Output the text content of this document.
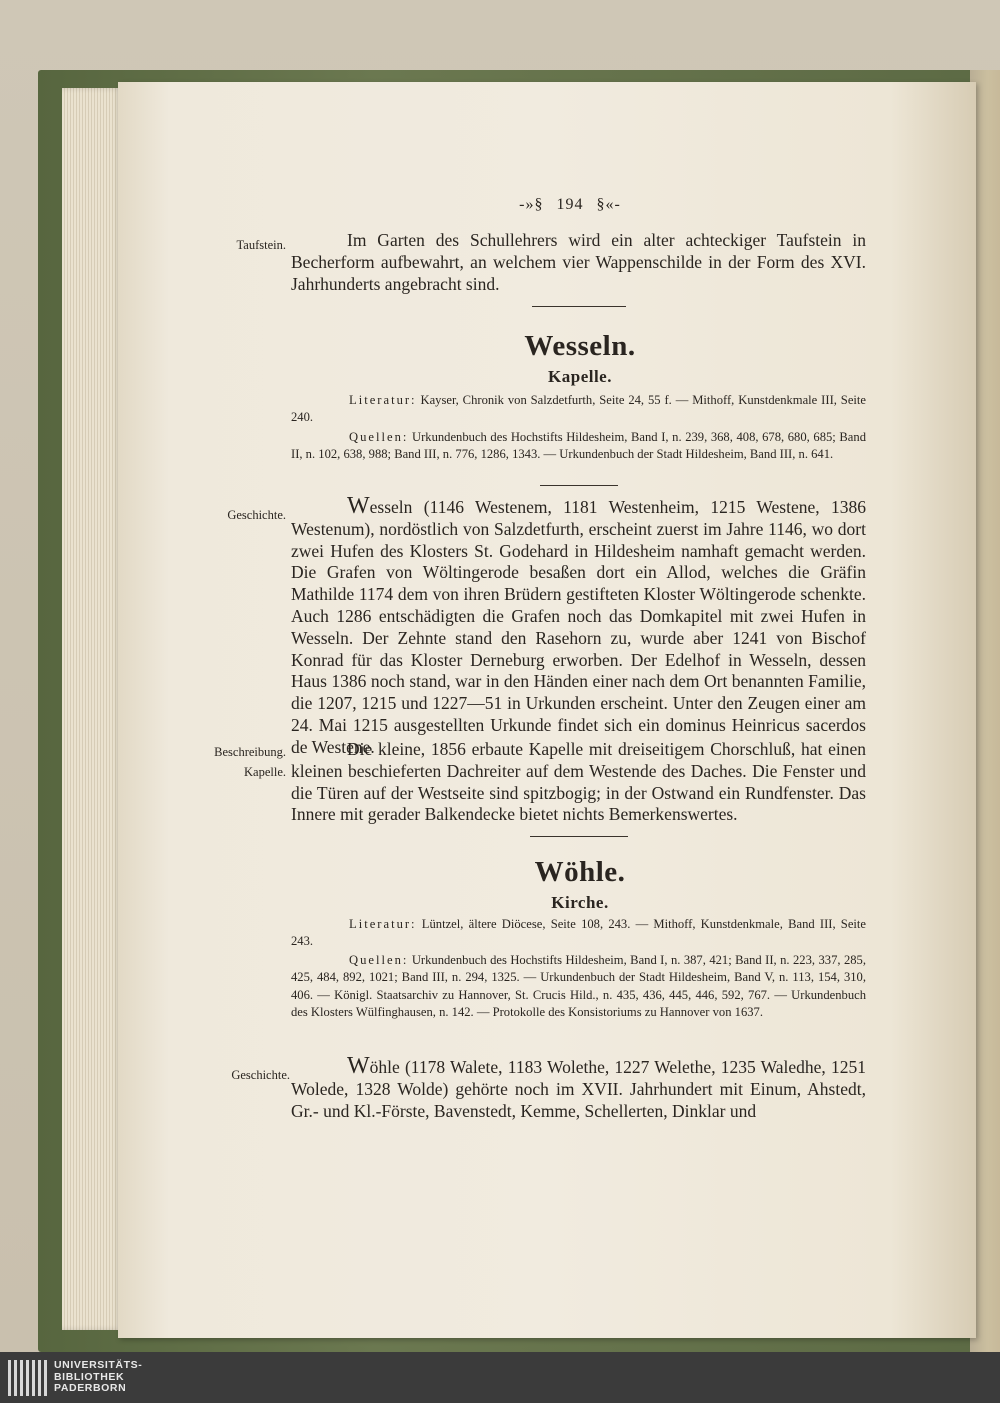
-»§ 194 §«-
Taufstein.	Im Garten des Schullehrers wird ein alter achteckiger Taufstein in Becherform aufbewahrt, an welchem vier Wappenschilde in der Form des XVI. Jahrhunderts angebracht sind.
Wesseln.
Kapelle.
Literatur: Kayser, Chronik von Salzdetfurth, Seite 24, 55 f. — Mithoff, Kunstdenkmale III, Seite 240.
Quellen: Urkundenbuch des Hochstifts Hildesheim, Band I, n. 239, 368, 408, 678, 680, 685; Band II, n. 102, 638, 988; Band III, n. 776, 1286, 1343. — Urkundenbuch der Stadt Hildesheim, Band III, n. 641.
Geschichte.	Wesseln (1146 Westenem, 1181 Westenheim, 1215 Westene, 1386 Westenum), nordöstlich von Salzdetfurth, erscheint zuerst im Jahre 1146, wo dort zwei Hufen des Klosters St. Godehard in Hildesheim namhaft gemacht werden. Die Grafen von Wöltingerode besaßen dort ein Allod, welches die Gräfin Mathilde 1174 dem von ihren Brüdern gestifteten Kloster Wöltingerode schenkte. Auch 1286 entschädigten die Grafen noch das Domkapitel mit zwei Hufen in Wesseln. Der Zehnte stand den Rasehorn zu, wurde aber 1241 von Bischof Konrad für das Kloster Derneburg erworben. Der Edelhof in Wesseln, dessen Haus 1386 noch stand, war in den Händen einer nach dem Ort benannten Familie, die 1207, 1215 und 1227—51 in Urkunden erscheint. Unter den Zeugen einer am 24. Mai 1215 ausgestellten Urkunde findet sich ein dominus Heinricus sacerdos de Westene.
Beschreibung.
Kapelle.
Die kleine, 1856 erbaute Kapelle mit dreiseitigem Chorschluß, hat einen kleinen beschieferten Dachreiter auf dem Westende des Daches. Die Fenster und die Türen auf der Westseite sind spitzbogig; in der Ostwand ein Rundfenster. Das Innere mit gerader Balkendecke bietet nichts Bemerkenswertes.
Wöhle.
Kirche.
Literatur: Lüntzel, ältere Diöcese, Seite 108, 243. — Mithoff, Kunstdenkmale, Band III, Seite 243.
Quellen: Urkundenbuch des Hochstifts Hildesheim, Band I, n. 387, 421; Band II, n. 223, 337, 285, 425, 484, 892, 1021; Band III, n. 294, 1325. — Urkundenbuch der Stadt Hildesheim, Band V, n. 113, 154, 310, 406. — Königl. Staatsarchiv zu Hannover, St. Crucis Hild., n. 435, 436, 445, 446, 592, 767. — Urkundenbuch des Klosters Wülfinghausen, n. 142. — Protokolle des Konsistoriums zu Hannover von 1637.
Geschichte.	Wöhle (1178 Walete, 1183 Wolethe, 1227 Welethe, 1235 Waledhe, 1251 Wolede, 1328 Wolde) gehörte noch im XVII. Jahrhundert mit Einum, Ahstedt, Gr.- und Kl.-Förste, Bavenstedt, Kemme, Schellerten, Dinklar und
UNIVERSITÄTS-
BIBLIOTHEK
PADERBORN
